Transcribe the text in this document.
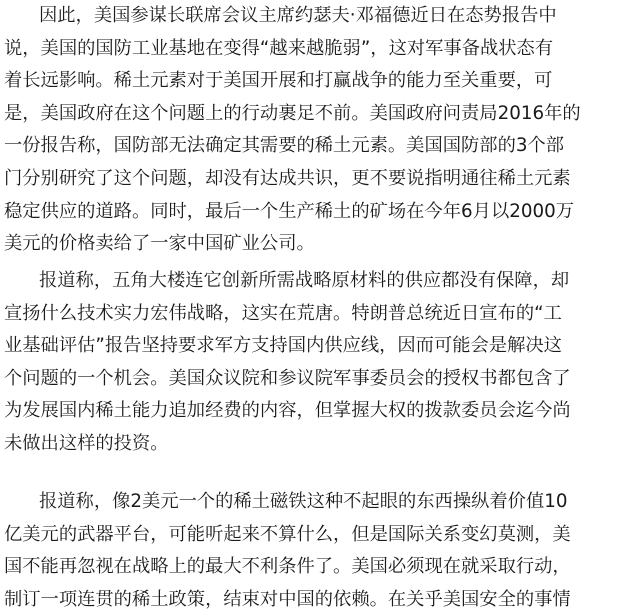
因此，美国参谋长联席会议主席约瑟夫·邓福德近日在态势报告中
说，美国的国防工业基地在变得“越来越脆弱”，这对军事备战状态有
着长远影响。稀土元素对于美国开展和打赢战争的能力至关重要，可
是，美国政府在这个问题上的行动裹足不前。美国政府问责局2016年的
一份报告称，国防部无法确定其需要的稀土元素。美国国防部的3个部
门分别研究了这个问题，却没有达成共识，更不要说指明通往稀土元素
稳定供应的道路。同时，最后一个生产稀土的矿场在今年6月以2000万
美元的价格卖给了一家中国矿业公司。
报道称，五角大楼连它创新所需战略原材料的供应都没有保障，却
宣扬什么技术实力宏伟战略，这实在荒唐。特朗普总统近日宣布的“工
业基础评估”报告坚持要求军方支持国内供应线，因而可能会是解决这
个问题的一个机会。美国众议院和参议院军事委员会的授权书都包含了
为发展国内稀土能力追加经费的内容，但掌握大权的拨款委员会迄今尚
未做出这样的投资。
报道称，像2美元一个的稀土磁铁这种不起眼的东西操纵着价值10
亿美元的武器平台，可能听起来不算什么，但是国际关系变幻莫测，美
国不能再忽视在战略上的最大不利条件了。美国必须现在就采取行动，
制订一项连贯的稀土政策，结束对中国的依赖。在关乎美国安全的事情
